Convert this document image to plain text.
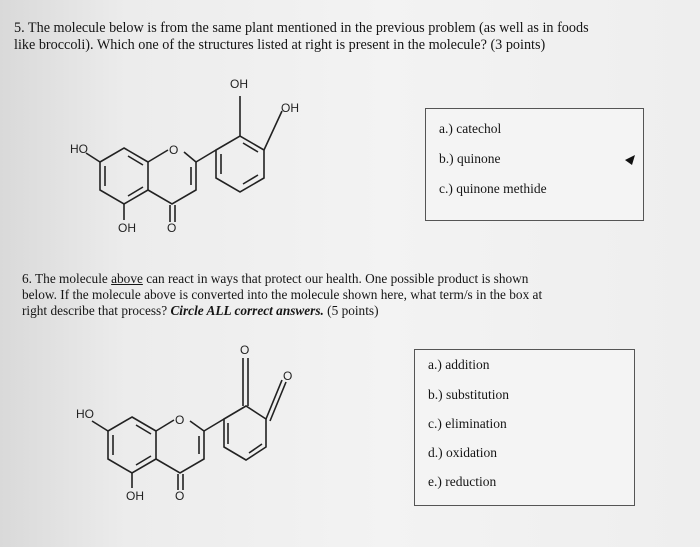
5. The molecule below is from the same plant mentioned in the previous problem (as well as in foods

like broccoli). Which one of the structures listed at right is present in the molecule? (3 points)

OH
OH
HO	O
OH	O
a.) catechol
b.) quinone
c.) quinone methide

6. The molecule above can react in ways that protect our health. One possible product is shown

below. If the molecule above is converted into the molecule shown here, what term/s in the box at

right describe that process? Circle ALL correct answers. (5 points)

O
O
HO	O
OH	O
a.) addition
b.) substitution
c.) elimination
d.) oxidation
e.) reduction
